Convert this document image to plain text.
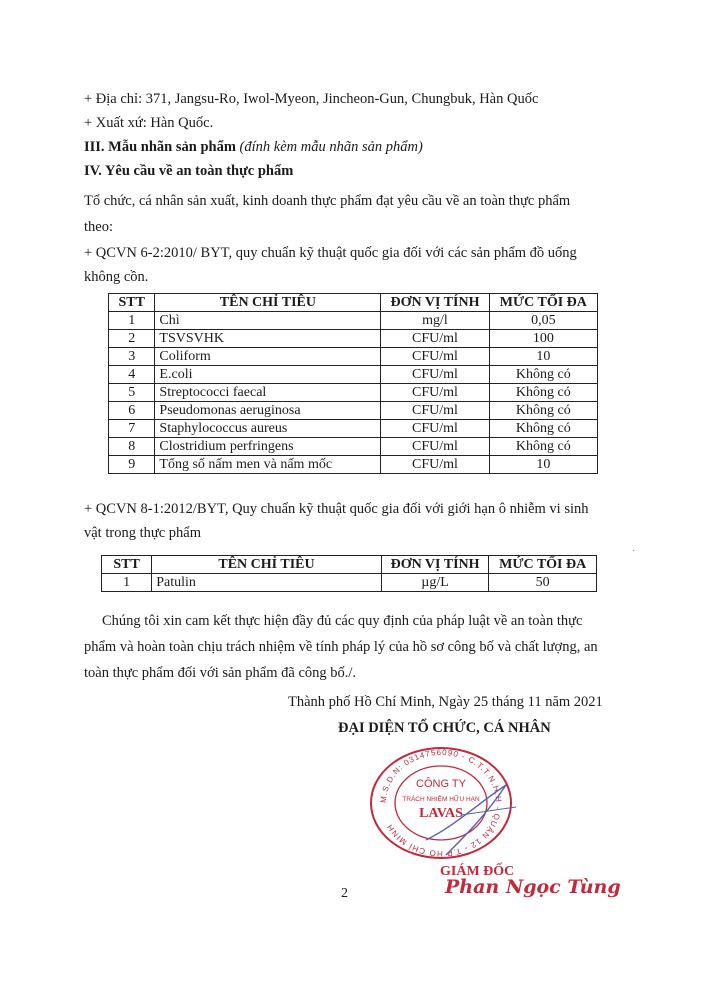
+ Địa chỉ: 371, Jangsu-Ro, Iwol-Myeon, Jincheon-Gun, Chungbuk, Hàn Quốc
+ Xuất xứ: Hàn Quốc.
III. Mẫu nhãn sản phẩm (đính kèm mẫu nhãn sản phẩm)
IV. Yêu cầu về an toàn thực phẩm
Tổ chức, cá nhân sản xuất, kinh doanh thực phẩm đạt yêu cầu về an toàn thực phẩm
theo:
+ QCVN 6-2:2010/ BYT, quy chuẩn kỹ thuật quốc gia đối với các sản phẩm đồ uống
không cồn.
STT	TÊN CHỈ TIÊU	ĐƠN VỊ TÍNH	MỨC TỐI ĐA
1	Chì	mg/l	0,05
2	TSVSVHK	CFU/ml	100
3	Coliform	CFU/ml	10
4	E.coli	CFU/ml	Không có
5	Streptococci faecal	CFU/ml	Không có
6	Pseudomonas aeruginosa	CFU/ml	Không có
7	Staphylococcus aureus	CFU/ml	Không có
8	Clostridium perfringens	CFU/ml	Không có
9	Tổng số nấm men và nấm mốc	CFU/ml	10
+ QCVN 8-1:2012/BYT, Quy chuẩn kỹ thuật quốc gia đối với giới hạn ô nhiễm vi sinh
vật trong thực phẩm
·
STT	TÊN CHỈ TIÊU	ĐƠN VỊ TÍNH	MỨC TỐI ĐA
1	Patulin	µg/L	50
Chúng tôi xin cam kết thực hiện đầy đủ các quy định của pháp luật về an toàn thực
phẩm và hoàn toàn chịu trách nhiệm về tính pháp lý của hồ sơ công bố và chất lượng, an
toàn thực phẩm đối với sản phẩm đã công bố./.
Thành phố Hồ Chí Minh, Ngày 25 tháng 11 năm 2021
ĐẠI DIỆN TỔ CHỨC, CÁ NHÂN
M.S.D.N: 0314756090 - C.T.T.N.H.H - QUẬN 12 - T.P HỒ CHÍ MINH
CÔNG TY
TRÁCH NHIỆM HỮU HẠN
LAVAS
GIÁM ĐỐC
Phan Ngọc Tùng
2
